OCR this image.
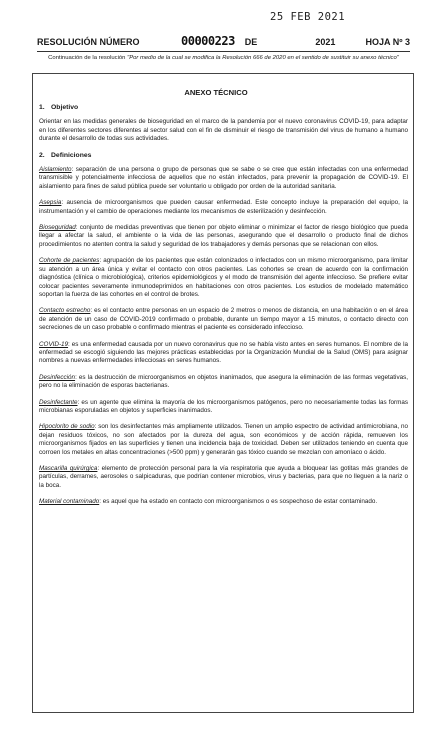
25 FEB 2021
RESOLUCIÓN NÚMERO	00000223 DE	2021	HOJA Nº 3
Continuación de la resolución "Por medio de la cual se modifica la Resolución 666 de 2020 en el sentido de sustituir su anexo técnico"
ANEXO TÉCNICO
1. Objetivo

Orientar en las medidas generales de bioseguridad en el marco de la pandemia por el nuevo coronavirus COVID-19, para adaptar en los diferentes sectores diferentes al sector salud con el fin de disminuir el riesgo de transmisión del virus de humano a humano durante el desarrollo de todas sus actividades.

2. Definiciones

Aislamiento: separación de una persona o grupo de personas que se sabe o se cree que están infectadas con una enfermedad transmisible y potencialmente infecciosa de aquellos que no están infectados, para prevenir la propagación de COVID-19. El aislamiento para fines de salud pública puede ser voluntario u obligado por orden de la autoridad sanitaria.

Asepsia: ausencia de microorganismos que pueden causar enfermedad. Este concepto incluye la preparación del equipo, la instrumentación y el cambio de operaciones mediante los mecanismos de esterilización y desinfección.

Bioseguridad: conjunto de medidas preventivas que tienen por objeto eliminar o minimizar el factor de riesgo biológico que pueda llegar a afectar la salud, el ambiente o la vida de las personas, asegurando que el desarrollo o producto final de dichos procedimientos no atenten contra la salud y seguridad de los trabajadores y demás personas que se relacionan con ellos.

Cohorte de pacientes: agrupación de los pacientes que están colonizados o infectados con un mismo microorganismo, para limitar su atención a un área única y evitar el contacto con otros pacientes. Las cohortes se crean de acuerdo con la confirmación diagnóstica (clínica o microbiológica), criterios epidemiológicos y el modo de transmisión del agente infeccioso. Se prefiere evitar colocar pacientes severamente inmunodeprimidos en habitaciones con otros pacientes. Los estudios de modelado matemático soportan la fuerza de las cohortes en el control de brotes.

Contacto estrecho: es el contacto entre personas en un espacio de 2 metros o menos de distancia, en una habitación o en el área de atención de un caso de COVID-2019 confirmado o probable, durante un tiempo mayor a 15 minutos, o contacto directo con secreciones de un caso probable o confirmado mientras el paciente es considerado infeccioso.

COVID-19: es una enfermedad causada por un nuevo coronavirus que no se había visto antes en seres humanos. El nombre de la enfermedad se escogió siguiendo las mejores prácticas establecidas por la Organización Mundial de la Salud (OMS) para asignar nombres a nuevas enfermedades infecciosas en seres humanos.

Desinfección: es la destrucción de microorganismos en objetos inanimados, que asegura la eliminación de las formas vegetativas, pero no la eliminación de esporas bacterianas.

Desinfectante: es un agente que elimina la mayoría de los microorganismos patógenos, pero no necesariamente todas las formas microbianas esporuladas en objetos y superficies inanimados.

Hipoclorito de sodio: son los desinfectantes más ampliamente utilizados. Tienen un amplio espectro de actividad antimicrobiana, no dejan residuos tóxicos, no son afectados por la dureza del agua, son económicos y de acción rápida, remueven los microorganismos fijados en las superficies y tienen una incidencia baja de toxicidad. Deben ser utilizados teniendo en cuenta que corroen los metales en altas concentraciones (>500 ppm) y generarán gas tóxico cuando se mezclan con amoníaco o ácido.

Mascarilla quirúrgica: elemento de protección personal para la vía respiratoria que ayuda a bloquear las gotitas más grandes de partículas, derrames, aerosoles o salpicaduras, que podrían contener microbios, virus y bacterias, para que no lleguen a la nariz o la boca.

Material contaminado: es aquel que ha estado en contacto con microorganismos o es sospechoso de estar contaminado.
